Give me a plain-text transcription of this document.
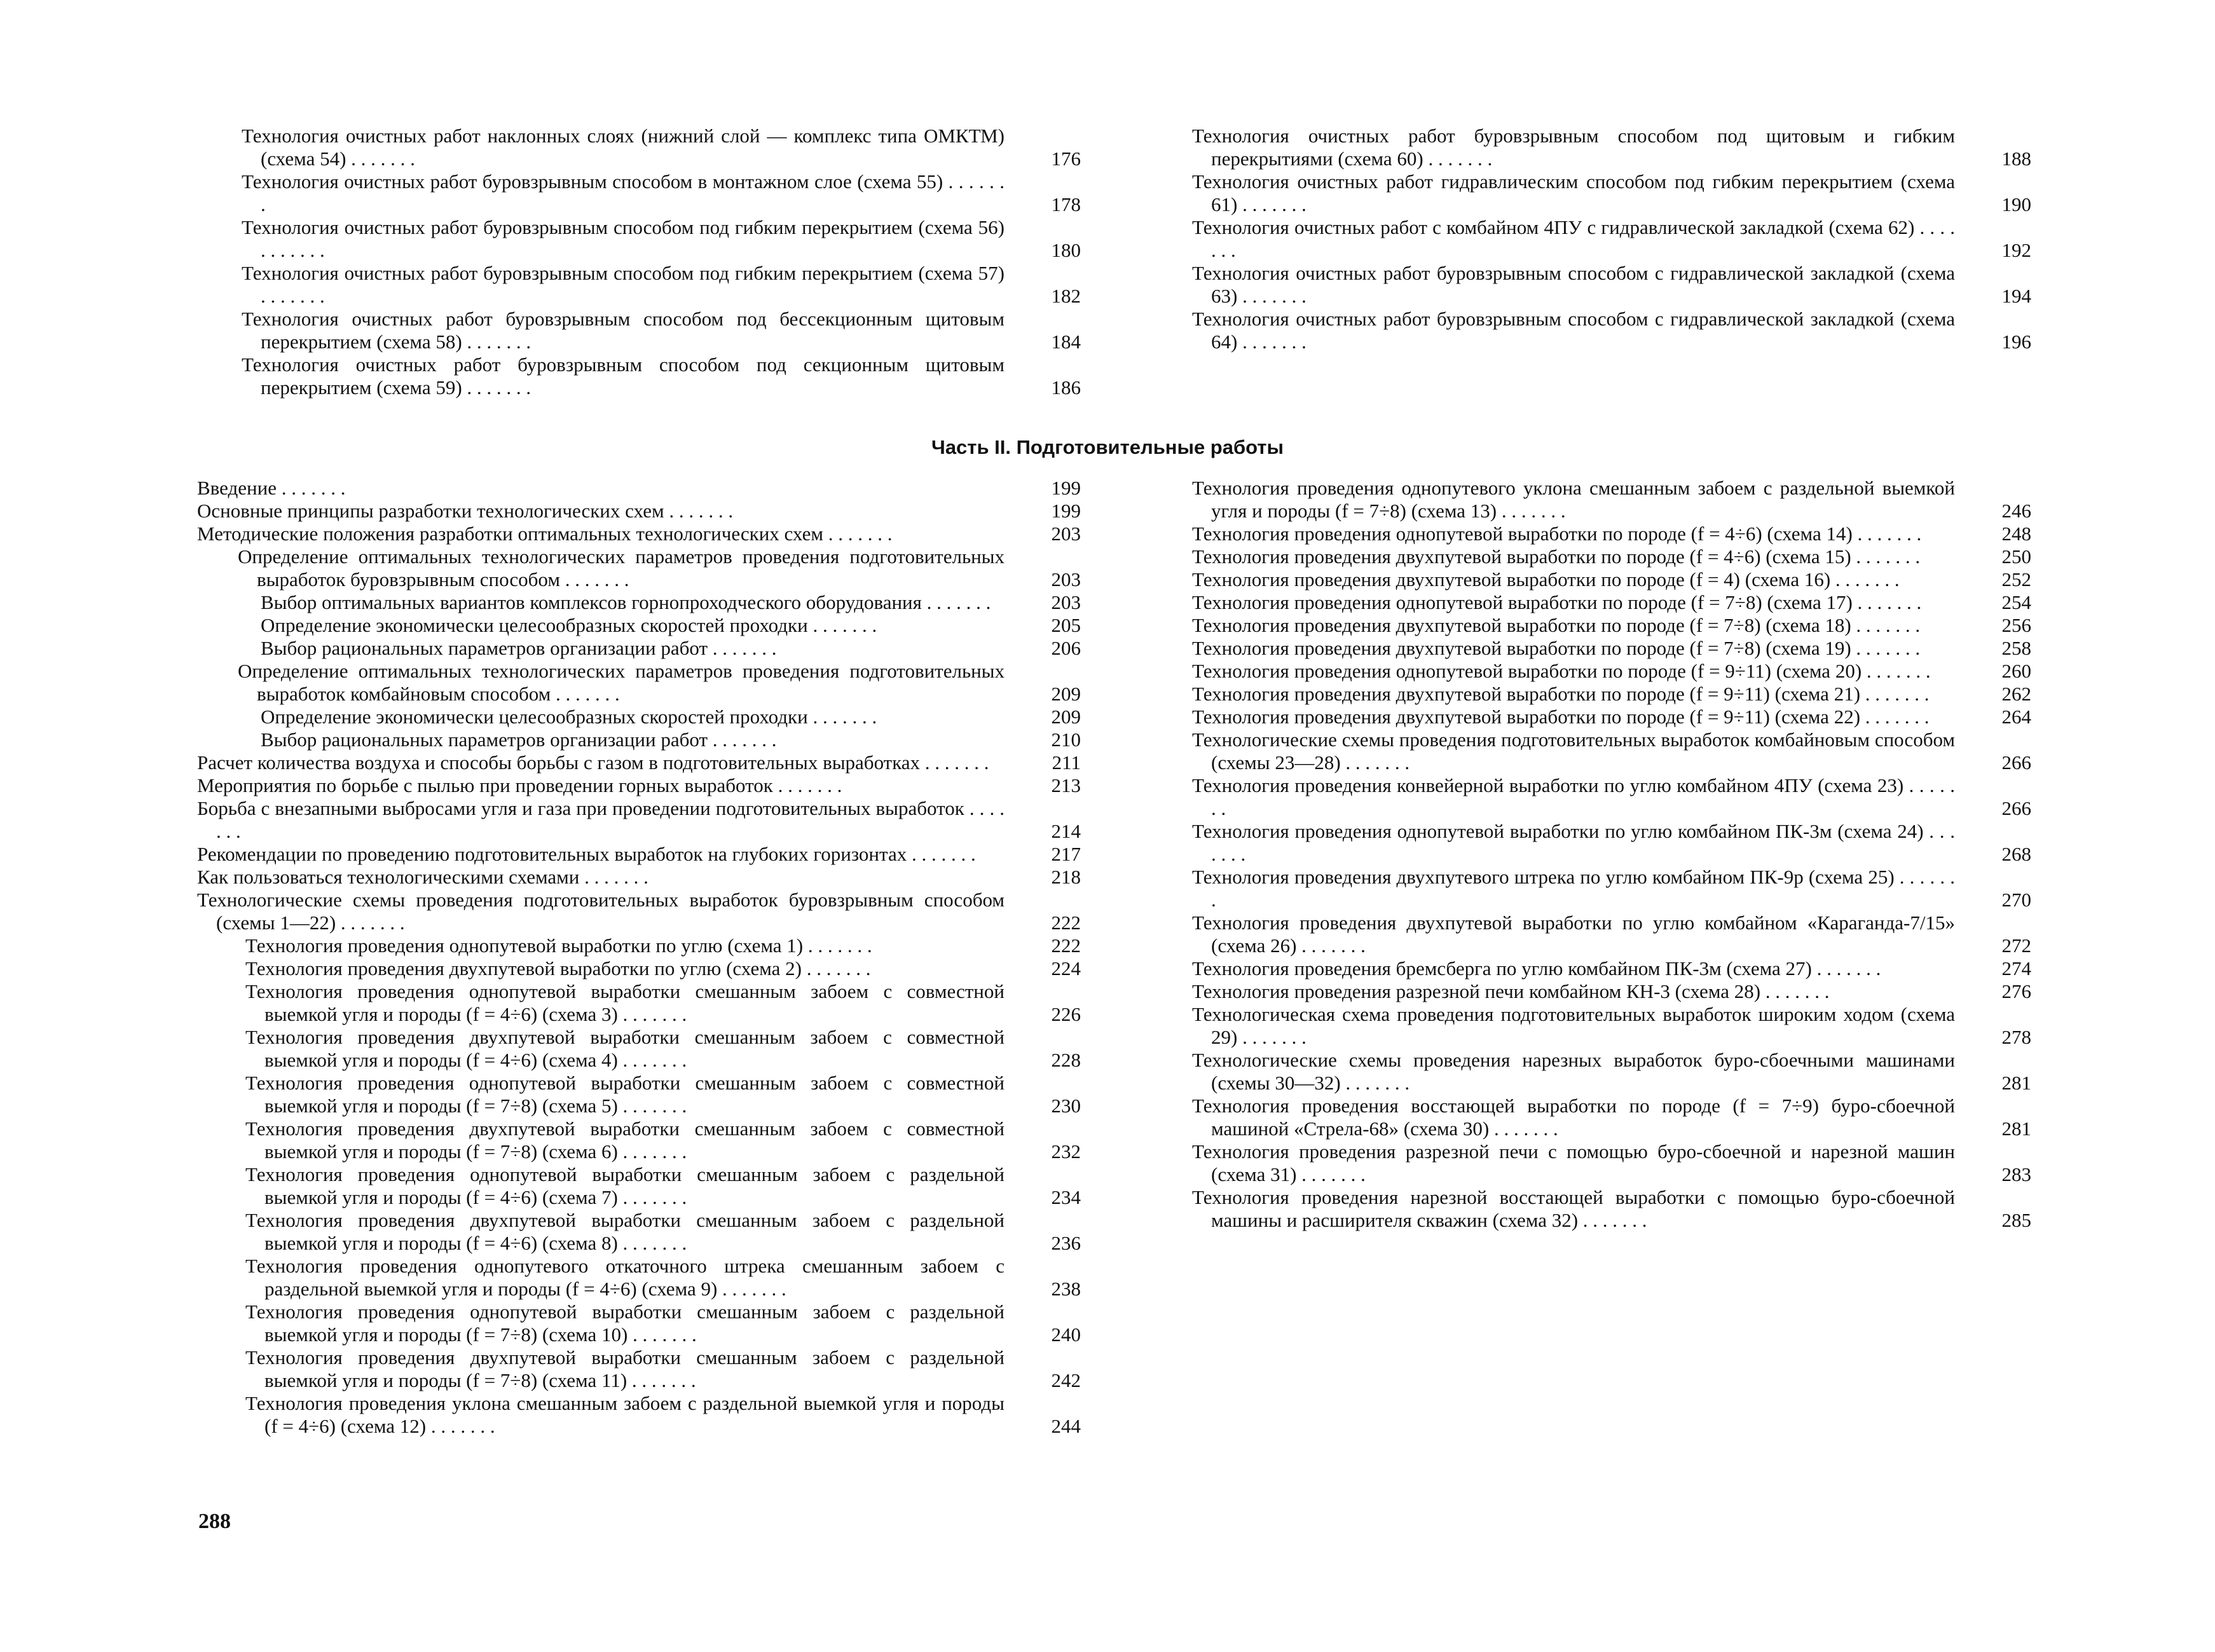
Технология очистных работ наклонных слоях (нижний слой — комплекс типа ОМКТМ) (схема 54) . . . . . . .	176
Технология очистных работ буровзрывным способом в монтажном слое (схема 55) . . . . . . .	178
Технология очистных работ буровзрывным способом под гибким перекрытием (схема 56) . . . . . . .	180
Технология очистных работ буровзрывным способом под гибким перекрытием (схема 57) . . . . . . .	182
Технология очистных работ буровзрывным способом под бессекционным щитовым перекрытием (схема 58) . . . . . . .	184
Технология очистных работ буровзрывным способом под секционным щитовым перекрытием (схема 59) . . . . . . .	186
Технология очистных работ буровзрывным способом под щитовым и гибким перекрытиями (схема 60) . . . . . . .	188
Технология очистных работ гидравлическим способом под гибким перекрытием (схема 61) . . . . . . .	190
Технология очистных работ с комбайном 4ПУ с гидравлической закладкой (схема 62) . . . . . . .	192
Технология очистных работ буровзрывным способом с гидравлической закладкой (схема 63) . . . . . . .	194
Технология очистных работ буровзрывным способом с гидравлической закладкой (схема 64) . . . . . . .	196
Часть II. Подготовительные работы
Введение . . . . . . .	199
Основные принципы разработки технологических схем . . . . . . .	199
Методические положения разработки оптимальных технологических схем . . . . . . .	203
Определение оптимальных технологических параметров проведения подготовительных выработок буровзрывным способом . . . . . . .	203
Выбор оптимальных вариантов комплексов горнопроходческого оборудования . . . . . . .	203
Определение экономически целесообразных скоростей проходки . . . . . . .	205
Выбор рациональных параметров организации работ . . . . . . .	206
Определение оптимальных технологических параметров проведения подготовительных выработок комбайновым способом . . . . . . .	209
Определение экономически целесообразных скоростей проходки . . . . . . .	209
Выбор рациональных параметров организации работ . . . . . . .	210
Расчет количества воздуха и способы борьбы с газом в подготовительных выработках . . . . . . .	211
Мероприятия по борьбе с пылью при проведении горных выработок . . . . . . .	213
Борьба с внезапными выбросами угля и газа при проведении подготовительных выработок . . . . . . .	214
Рекомендации по проведению подготовительных выработок на глубоких горизонтах . . . . . . .	217
Как пользоваться технологическими схемами . . . . . . .	218
Технологические схемы проведения подготовительных выработок буровзрывным способом (схемы 1—22) . . . . . . .	222
Технология проведения однопутевой выработки по углю (схема 1) . . . . . . .	222
Технология проведения двухпутевой выработки по углю (схема 2) . . . . . . .	224
Технология проведения однопутевой выработки смешанным забоем с совместной выемкой угля и породы (f = 4÷6) (схема 3) . . . . . . .	226
Технология проведения двухпутевой выработки смешанным забоем с совместной выемкой угля и породы (f = 4÷6) (схема 4) . . . . . . .	228
Технология проведения однопутевой выработки смешанным забоем с совместной выемкой угля и породы (f = 7÷8) (схема 5) . . . . . . .	230
Технология проведения двухпутевой выработки смешанным забоем с совместной выемкой угля и породы (f = 7÷8) (схема 6) . . . . . . .	232
Технология проведения однопутевой выработки смешанным забоем с раздельной выемкой угля и породы (f = 4÷6) (схема 7) . . . . . . .	234
Технология проведения двухпутевой выработки смешанным забоем с раздельной выемкой угля и породы (f = 4÷6) (схема 8) . . . . . . .	236
Технология проведения однопутевого откаточного штрека смешанным забоем с раздельной выемкой угля и породы (f = 4÷6) (схема 9) . . . . . . .	238
Технология проведения однопутевой выработки смешанным забоем с раздельной выемкой угля и породы (f = 7÷8) (схема 10) . . . . . . .	240
Технология проведения двухпутевой выработки смешанным забоем с раздельной выемкой угля и породы (f = 7÷8) (схема 11) . . . . . . .	242
Технология проведения уклона смешанным забоем с раздельной выемкой угля и породы (f = 4÷6) (схема 12) . . . . . . .	244
Технология проведения однопутевого уклона смешанным забоем с раздельной выемкой угля и породы (f = 7÷8) (схема 13) . . . . . . .	246
Технология проведения однопутевой выработки по породе (f = 4÷6) (схема 14) . . . . . . .	248
Технология проведения двухпутевой выработки по породе (f = 4÷6) (схема 15) . . . . . . .	250
Технология проведения двухпутевой выработки по породе (f = 4) (схема 16) . . . . . . .	252
Технология проведения однопутевой выработки по породе (f = 7÷8) (схема 17) . . . . . . .	254
Технология проведения двухпутевой выработки по породе (f = 7÷8) (схема 18) . . . . . . .	256
Технология проведения двухпутевой выработки по породе (f = 7÷8) (схема 19) . . . . . . .	258
Технология проведения однопутевой выработки по породе (f = 9÷11) (схема 20) . . . . . . .	260
Технология проведения двухпутевой выработки по породе (f = 9÷11) (схема 21) . . . . . . .	262
Технология проведения двухпутевой выработки по породе (f = 9÷11) (схема 22) . . . . . . .	264
Технологические схемы проведения подготовительных выработок комбайновым способом (схемы 23—28) . . . . . . .	266
Технология проведения конвейерной выработки по углю комбайном 4ПУ (схема 23) . . . . . . .	266
Технология проведения однопутевой выработки по углю комбайном ПК-3м (схема 24) . . . . . . .	268
Технология проведения двухпутевого штрека по углю комбайном ПК-9р (схема 25) . . . . . . .	270
Технология проведения двухпутевой выработки по углю комбайном «Караганда-7/15» (схема 26) . . . . . . .	272
Технология проведения бремсберга по углю комбайном ПК-3м (схема 27) . . . . . . .	274
Технология проведения разрезной печи комбайном КН-3 (схема 28) . . . . . . .	276
Технологическая схема проведения подготовительных выработок широким ходом (схема 29) . . . . . . .	278
Технологические схемы проведения нарезных выработок буро-сбоечными машинами (схемы 30—32) . . . . . . .	281
Технология проведения восстающей выработки по породе (f = 7÷9) буро-сбоечной машиной «Стрела-68» (схема 30) . . . . . . .	281
Технология проведения разрезной печи с помощью буро-сбоечной и нарезной машин (схема 31) . . . . . . .	283
Технология проведения нарезной восстающей выработки с помощью буро-сбоечной машины и расширителя скважин (схема 32) . . . . . . .	285
288
